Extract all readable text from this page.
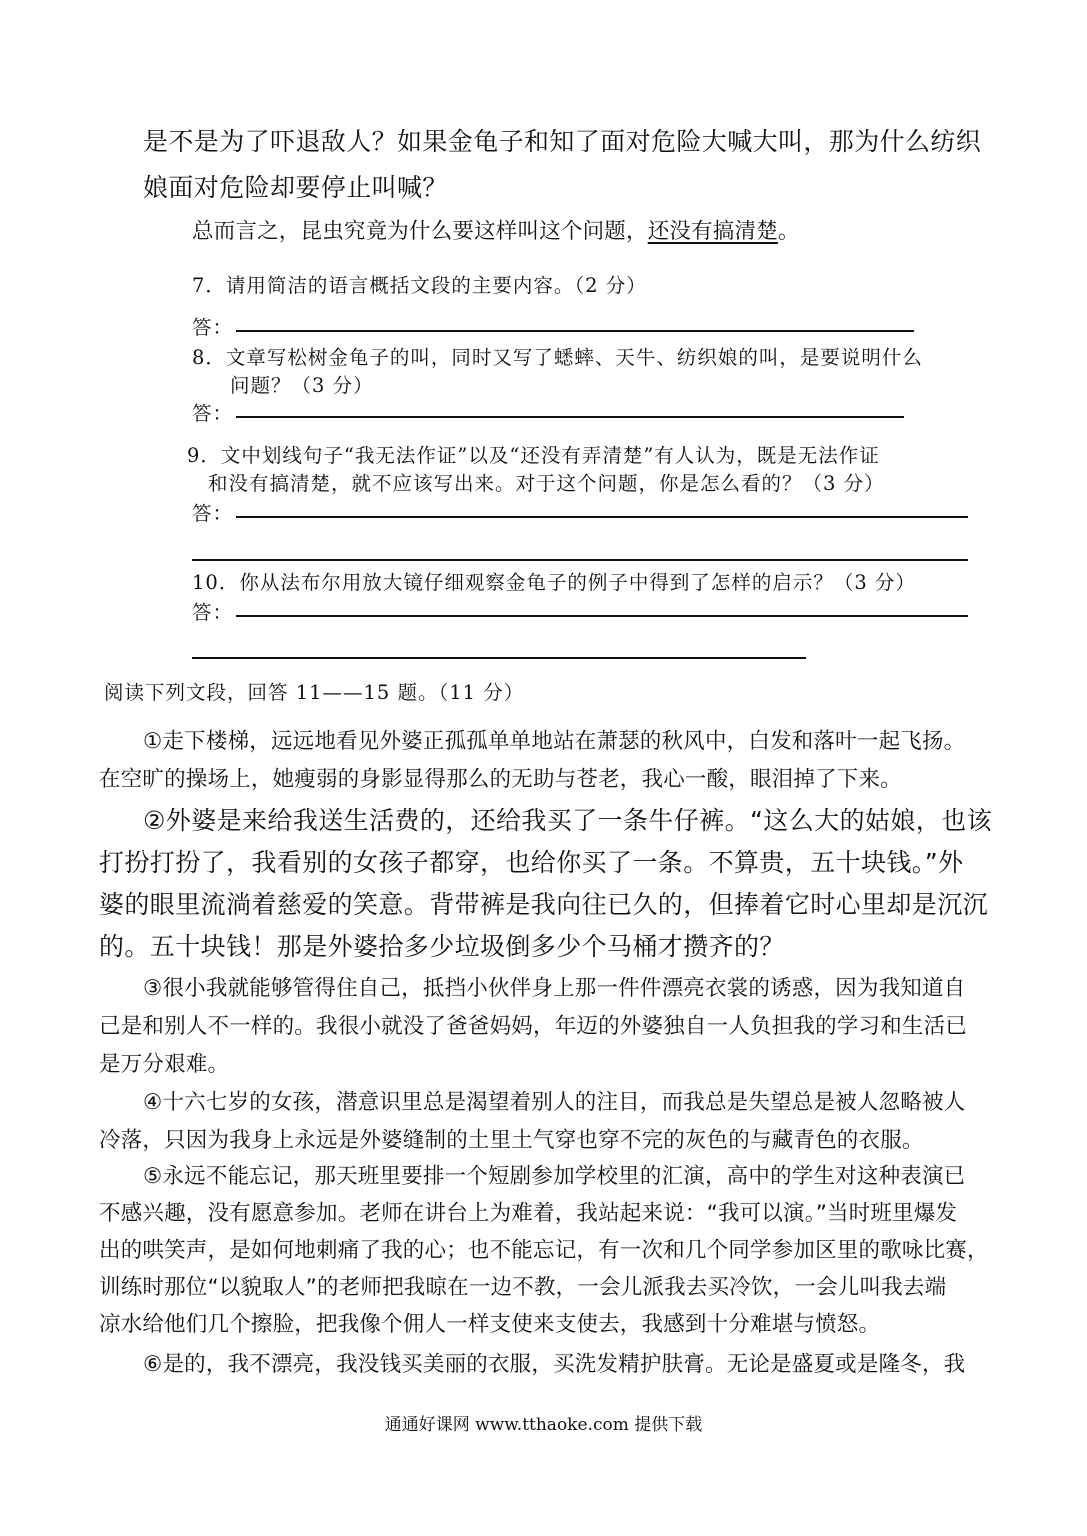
是不是为了吓退敌人？如果金龟子和知了面对危险大喊大叫，那为什么纺织
娘面对危险却要停止叫喊？
总而言之，昆虫究竟为什么要这样叫这个问题，还没有搞清楚。
7．请用简洁的语言概括文段的主要内容。（2 分）
答：
8．文章写松树金龟子的叫，同时又写了蟋蟀、天牛、纺织娘的叫，是要说明什么
问题？（3 分）
答：
9．文中划线句子“我无法作证”以及“还没有弄清楚”有人认为，既是无法作证
和没有搞清楚，就不应该写出来。对于这个问题，你是怎么看的？（3 分）
答：
10．你从法布尔用放大镜仔细观察金龟子的例子中得到了怎样的启示？（3 分）
答：
阅读下列文段，回答 11——15 题。（11 分）
①走下楼梯，远远地看见外婆正孤孤单单地站在萧瑟的秋风中，白发和落叶一起飞扬。
在空旷的操场上，她瘦弱的身影显得那么的无助与苍老，我心一酸，眼泪掉了下来。
②外婆是来给我送生活费的，还给我买了一条牛仔裤。“这么大的姑娘，也该
打扮打扮了，我看别的女孩子都穿，也给你买了一条。不算贵，五十块钱。”外
婆的眼里流淌着慈爱的笑意。背带裤是我向往已久的，但捧着它时心里却是沉沉
的。五十块钱！那是外婆拾多少垃圾倒多少个马桶才攒齐的？
③很小我就能够管得住自己，抵挡小伙伴身上那一件件漂亮衣裳的诱惑，因为我知道自
己是和别人不一样的。我很小就没了爸爸妈妈，年迈的外婆独自一人负担我的学习和生活已
是万分艰难。
④十六七岁的女孩，潜意识里总是渴望着别人的注目，而我总是失望总是被人忽略被人
冷落，只因为我身上永远是外婆缝制的土里土气穿也穿不完的灰色的与藏青色的衣服。
⑤永远不能忘记，那天班里要排一个短剧参加学校里的汇演，高中的学生对这种表演已
不感兴趣，没有愿意参加。老师在讲台上为难着，我站起来说：“我可以演。”当时班里爆发
出的哄笑声，是如何地刺痛了我的心；也不能忘记，有一次和几个同学参加区里的歌咏比赛，
训练时那位“以貌取人”的老师把我晾在一边不教，一会儿派我去买冷饮，一会儿叫我去端
凉水给他们几个擦脸，把我像个佣人一样支使来支使去，我感到十分难堪与愤怒。
⑥是的，我不漂亮，我没钱买美丽的衣服，买洗发精护肤膏。无论是盛夏或是隆冬，我
通通好课网 www.tthaoke.com 提供下载
